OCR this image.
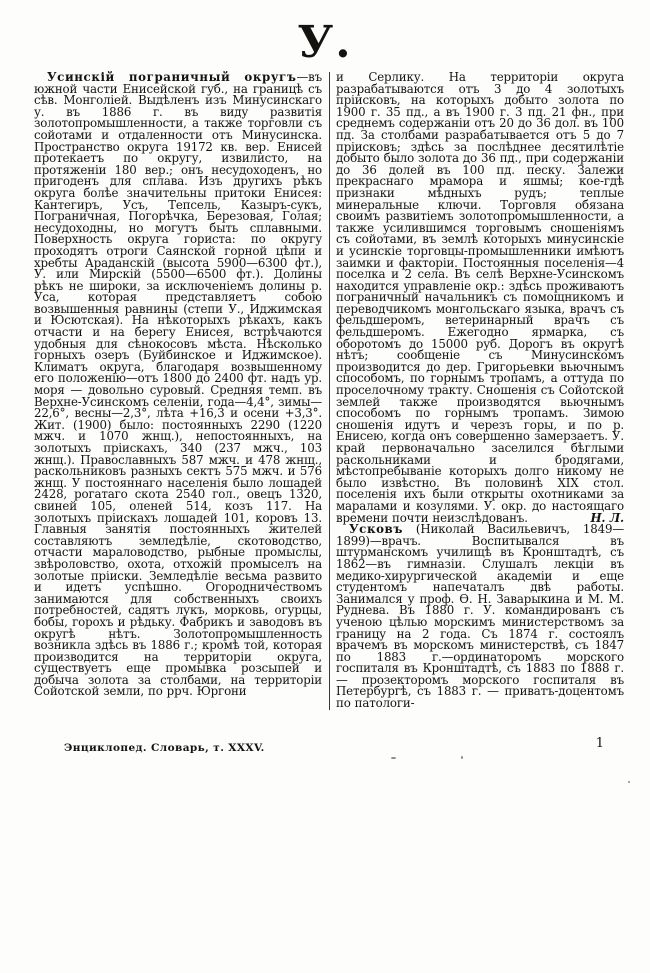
У.

Усинскій пограничный округъ—въ южной части Енисейской губ., на границѣ съ сѣв. Монголіей. Выдѣленъ изъ Минусинскаго у. въ 1886 г. въ виду развитія золотопромышленности, а также торговли съ сойотами и отдаленности отъ Минусинска. Пространство округа 19172 кв. вер. Енисей протекаетъ по округу, извилисто, на протяженіи 180 вер.; онъ несудоходенъ, но пригоденъ для сплава. Изъ другихъ рѣкъ округа болѣе значительны притоки Енисея: Кантегиръ, Усъ, Тепсель, Казыръ-сукъ, Пограничная, Погорѣчка, Березовая, Голая; несудоходны, но могутъ быть сплавными. Поверхность округа гориста: по округу проходятъ отроги Саянской горной цѣпи и хребты Араданскій (высота 5900—6300 фт.), У. или Мирскій (5500—6500 фт.). Долины рѣкъ не широки, за исключеніемъ долины р. Уса, которая представляетъ собою возвышенныя равнины (степи У., Иджимская и Юсютская). На нѣкоторыхъ рѣкахъ, какъ отчасти и на берегу Енисея, встрѣчаются удобныя для сѣнокосовъ мѣста. Нѣсколько горныхъ озеръ (Буйбинское и Иджимское). Климатъ округа, благодаря возвышенному его положенію—отъ 1800 до 2400 фт. надъ ур. моря — довольно суровый. Средняя темп. въ Верхне-Усинскомъ селеніи, года—4,4°, зимы—22,6°, весны—2,3°, лѣта +16,3 и осени +3,3°. Жит. (1900) было: постоянныхъ 2290 (1220 мжч. и 1070 жнщ.), непостоянныхъ, на золотыхъ пріискахъ, 340 (237 мжч., 103 жнщ.). Православныхъ 587 мжч. и 478 жнщ., раскольниковъ разныхъ сектъ 575 мжч. и 576 жнщ. У постояннаго населенія было лошадей 2428, рогатаго скота 2540 гол., овецъ 1320, свиней 105, оленей 514, козъ 117. На золотыхъ пріискахъ лошадей 101, коровъ 13. Главныя занятія постоянныхъ жителей составляютъ земледѣліе, скотоводство, отчасти мараловодство, рыбные промыслы, звѣроловство, охота, отхожій промыселъ на золотые пріиски. Земледѣліе весьма развито и идетъ успѣшно. Огородничествомъ занимаются для собственныхъ своихъ потребностей, садятъ лукъ, морковь, огурцы, бобы, горохъ и рѣдьку. Фабрикъ и заводовъ въ округѣ нѣтъ. Золотопромышленность возникла здѣсь въ 1886 г.; кромѣ той, которая производится на территоріи округа, существуетъ еще промывка розсыпей и добыча золота за столбами, на территоріи Сойотской земли, по ррч. Юргони

и Серлику. На территоріи округа разрабатываются отъ 3 до 4 золотыхъ пріисковъ, на которыхъ добыто золота по 1900 г. 35 пд., а въ 1900 г. 3 пд. 21 фн., при среднемъ содержаніи отъ 20 до 36 дол. въ 100 пд. За столбами разрабатывается отъ 5 до 7 пріисковъ; здѣсь за послѣднее десятилѣтіе добыто было золота до 36 пд., при содержаніи до 36 долей въ 100 пд. песку. Залежи прекраснаго мрамора и яшмы; кое-гдѣ признаки мѣдныхъ рудъ; теплые минеральные ключи. Торговля обязана своимъ развитіемъ золотопромышленности, а также усилившимся торговымъ сношеніямъ съ сойотами, въ землѣ которыхъ минусинскіе и усинскіе торговцы-промышленники имѣютъ заимки и факторіи. Постоянныя поселенія—4 поселка и 2 села. Въ селѣ Верхне-Усинскомъ находится управленіе окр.: здѣсь проживаютъ пограничный начальникъ съ помощникомъ и переводчикомъ монгольскаго языка, врачъ съ фельдшеромъ, ветеринарный врачъ съ фельдшеромъ. Ежегодно ярмарка, съ оборотомъ до 15000 руб. Дорогъ въ округѣ нѣтъ; сообщеніе съ Минусинскомъ производится до дер. Григорьевки вьючнымъ способомъ, по горнымъ тропамъ, а оттуда по проселочному тракту. Сношенія съ Сойотской землей также производятся вьючнымъ способомъ по горнымъ тропамъ. Зимою сношенія идутъ и черезъ горы, и по р. Енисею, когда онъ совершенно замерзаетъ. У. край первоначально заселился бѣглыми раскольниками и бродягами, мѣстопребываніе которыхъ долго никому не было извѣстно. Въ половинѣ XIX стол. поселенія ихъ были открыты охотниками за маралами и козулями. У. окр. до настоящаго времени почти неизслѣдованъ.	Н. Л.

Усковъ (Николай Васильевичъ, 1849—1899)—врачъ. Воспитывался въ штурманскомъ училищѣ въ Кронштадтѣ, съ 1862—въ гимназіи. Слушалъ лекціи въ медико-хирургической академіи и еще студентомъ напечаталъ двѣ работы. Занимался у проф. Ѳ. Н. Заварыкина и М. М. Руднева. Въ 1880 г. У. командированъ съ ученою цѣлью морскимъ министерствомъ за границу на 2 года. Съ 1874 г. состоялъ врачемъ въ морскомъ министерствѣ, съ 1847 по 1883 г.—ординаторомъ морского госпиталя въ Кронштадтѣ, съ 1883 по 1888 г. — прозекторомъ морского госпиталя въ Петербургѣ, съ 1883 г. — приватъ-доцентомъ по патологи-

Энциклопед. Словарь, т. XXXV.	1
